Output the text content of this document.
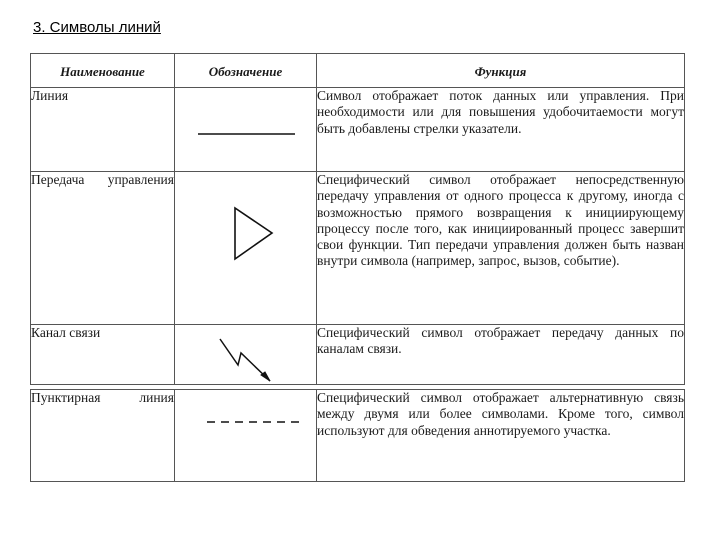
3. Символы линий
Наименование	Обозначение	Функция
Линия		Символ отображает поток данных или управления. При необходимости или для повышения удобочитаемости могут быть добавлены стрелки указатели.

Передача управления		Специфический символ отображает непосредственную передачу управления от одного процесса к другому, иногда с возможностью прямого возвращения к инициирующему процессу после того, как инициированный процесс завершит свои функции. Тип передачи управления должен быть назван внутри символа (например, запрос, вызов, событие).
Канал связи		Специфический символ отображает передачу данных по каналам связи.

Пунктирная линия		Специфический символ отображает альтернативную связь между двумя или более символами. Кроме того, символ используют для обведения аннотируемого участка.
